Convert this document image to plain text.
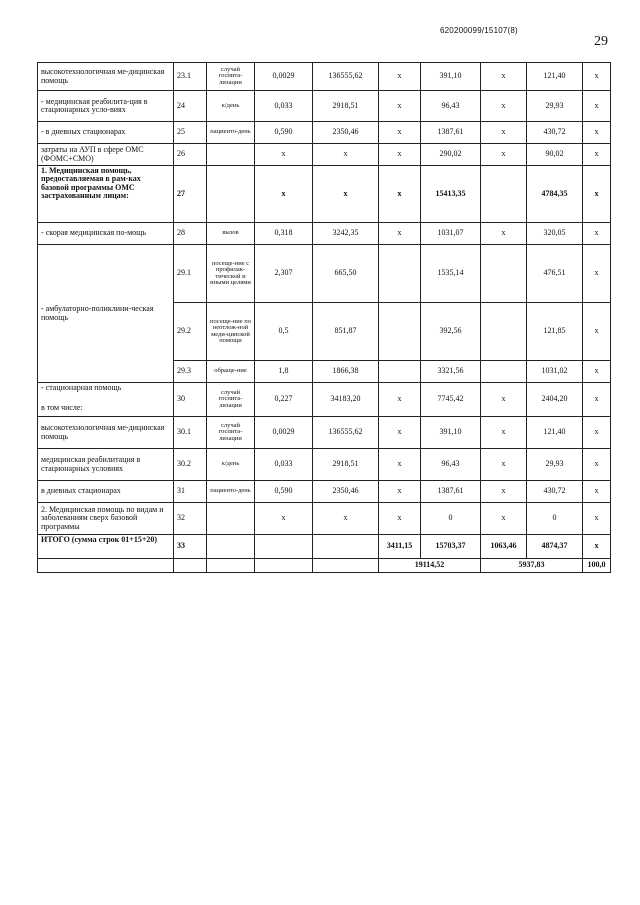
620200099/15107(8)
29
высокотехнологичная ме-дицинская помощь	23.1	случай госпита-лизации	0,0029	136555,62	x	391,10	x	121,40	x
- медицинская реабилита-ция в стационарных усло-виях	24	к/день	0,033	2918,51	x	96,43	x	29,93	x
- в дневных стационарах	25	пациенто-день	0,590	2350,46	x	1387,61	x	430,72	x
затраты на АУП в сфере ОМС (ФОМС+СМО)	26		x	x	x	290,02	x	90,02	x
1. Медицинская помощь, предоставляемая в рам-ках базовой программы ОМС застрахованным лицам:	27		x	x	x	15413,35		4784,35	x
- скорая медицинская по-мощь	28	вызов	0,318	3242,35	x	1031,07	x	320,05	x
- амбулаторно-поликлини-ческая помощь	29.1	посеще-ние с профилак-тической и иными целями	2,307	665,50		1535,14		476,51	x
	29.2	посеще-ние по неотлож-ной меди-цинской помощи	0,5	851,87		392,56		121,85	x
	29.3	обраще-ние	1,8	1866,38		3321,56		1031,02	x

- стационарная помощь
в том числе:	30	случай госпита-лизации	0,227	34183,20	x	7745,42	x	2404,20	x
высокотехнологичная ме-дицинская помощь	30.1	случай госпита-лизации	0,0029	136555,62	x	391,10	x	121,40	x
медицинская реабилитация в стационарных условиях	30.2	к/день	0,033	2918,51	x	96,43	x	29,93	x
в дневных стационарах	31	пациенто-день	0,590	2350,46	x	1387,61	x	430,72	x
2. Медицинская помощь по видам и заболеваниям сверх базовой программы	32		x	x	x	0	x	0	x
ИТОГО (сумма строк 01+15+20)	33				3411,15	15703,37	1063,46	4874,37	x
					19114,52		5937,83		100,0
